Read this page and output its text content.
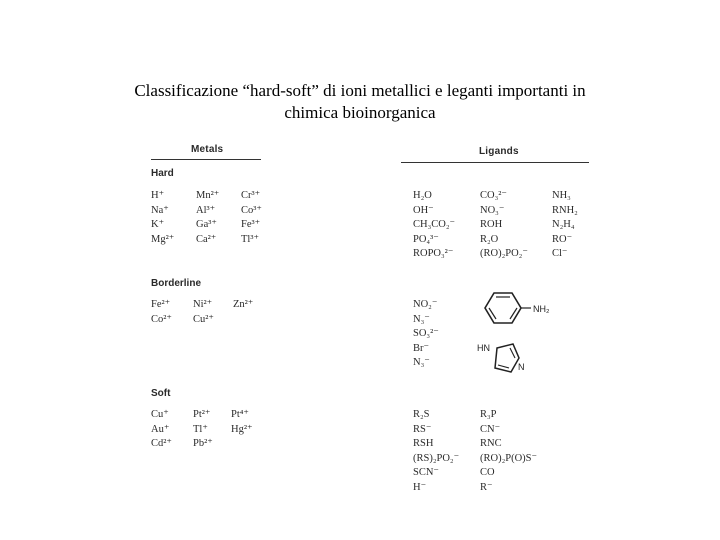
Classificazione “hard-soft” di ioni metallici e leganti importanti in
chimica bioinorganica
Metals	Ligands
Hard
H⁺
Na⁺
K⁺
Mg²⁺
Mn²⁺
Al³⁺
Ga³⁺
Ca²⁺
Cr³⁺
Co³⁺
Fe³⁺
Tl³⁺
H₂O
OH⁻
CH₃CO₂⁻
PO₄³⁻
ROPO₃²⁻
CO₃²⁻
NO₃⁻
ROH
R₂O
(RO)₂PO₂⁻
NH₃
RNH₂
N₂H₄
RO⁻
Cl⁻
Borderline
Fe²⁺
Co²⁺
Ni²⁺
Cu²⁺
Zn²⁺	NO₂⁻
N₃⁻
SO₃²⁻
Br⁻
N₃⁻
NH₂
HN
N
Soft
Cu⁺
Au⁺
Cd²⁺
Pt²⁺
Tl⁺
Pb²⁺
Pt⁴⁺
Hg²⁺
R₂S
RS⁻
RSH
(RS)₂PO₂⁻
SCN⁻
H⁻
R₃P
CN⁻
RNC
(RO)₂P(O)S⁻
CO
R⁻
